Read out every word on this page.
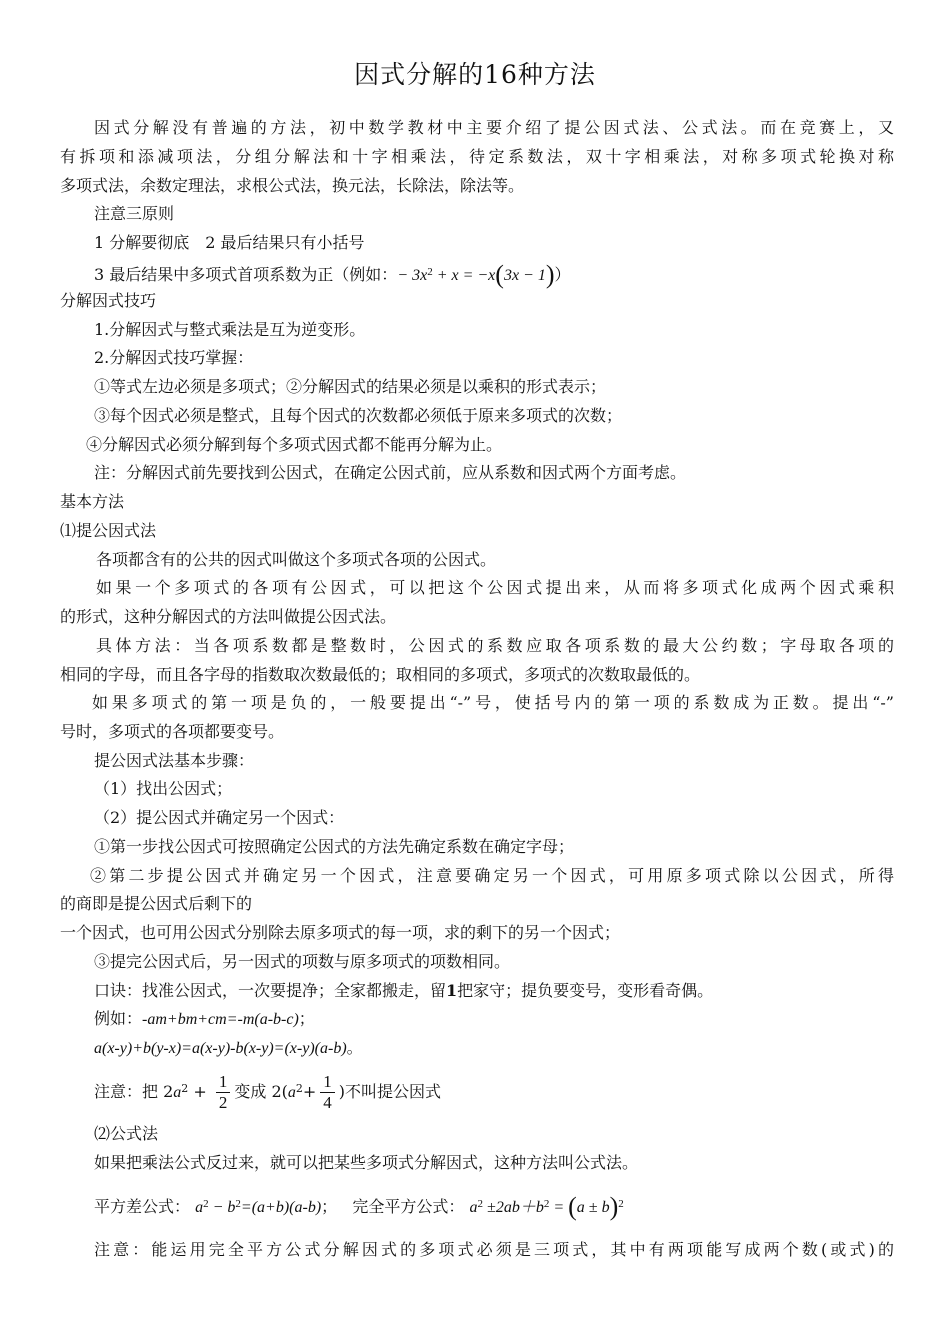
因式分解的16种方法
因式分解没有普遍的方法，初中数学教材中主要介绍了提公因式法、公式法。而在竞赛上，又
有拆项和添减项法，分组分解法和十字相乘法，待定系数法，双十字相乘法，对称多项式轮换对称
多项式法，余数定理法，求根公式法，换元法，长除法，除法等。
注意三原则
1 分解要彻底　2 最后结果只有小括号
3 最后结果中多项式首项系数为正（例如：− $3x^2 + x = -x(3x - 1)$）
分解因式技巧
1.分解因式与整式乘法是互为逆变形。
2.分解因式技巧掌握：
①等式左边必须是多项式；②分解因式的结果必须是以乘积的形式表示；
③每个因式必须是整式，且每个因式的次数都必须低于原来多项式的次数；
④分解因式必须分解到每个多项式因式都不能再分解为止。
注：分解因式前先要找到公因式，在确定公因式前，应从系数和因式两个方面考虑。
基本方法
⑴提公因式法
各项都含有的公共的因式叫做这个多项式各项的公因式。
如果一个多项式的各项有公因式，可以把这个公因式提出来，从而将多项式化成两个因式乘积
的形式，这种分解因式的方法叫做提公因式法。
具体方法：当各项系数都是整数时，公因式的系数应取各项系数的最大公约数；字母取各项的
相同的字母，而且各字母的指数取次数最低的；取相同的多项式，多项式的次数取最低的。
如果多项式的第一项是负的，一般要提出“-”号，使括号内的第一项的系数成为正数。提出“-”
号时，多项式的各项都要变号。
提公因式法基本步骤：
（1）找出公因式；
（2）提公因式并确定另一个因式：
①第一步找公因式可按照确定公因式的方法先确定系数在确定字母；
②第二步提公因式并确定另一个因式，注意要确定另一个因式，可用原多项式除以公因式，所得
的商即是提公因式后剩下的
一个因式，也可用公因式分别除去原多项式的每一项，求的剩下的另一个因式；
③提完公因式后，另一因式的项数与原多项式的项数相同。
口诀：找准公因式，一次要提净；全家都搬走，留1把家守；提负要变号，变形看奇偶。
例如：-am+bm+cm=-m(a-b-c)；
a(x-y)+b(y-x)=a(x-y)-b(x-y)=(x-y)(a-b)。
注意：把 $2a^2 + \frac{1}{2}$ 变成 $2(a^2+ \frac{1}{4}$ )不叫提公因式
⑵公式法
如果把乘法公式反过来，就可以把某些多项式分解因式，这种方法叫公式法。
平方差公式： $a^2 - b^2=(a+b)(a-b)$； 完全平方公式： $a^2 \pm 2ab+b^2 = (a \pm b)^2$
注意：能运用完全平方公式分解因式的多项式必须是三项式，其中有两项能写成两个数(或式)的
